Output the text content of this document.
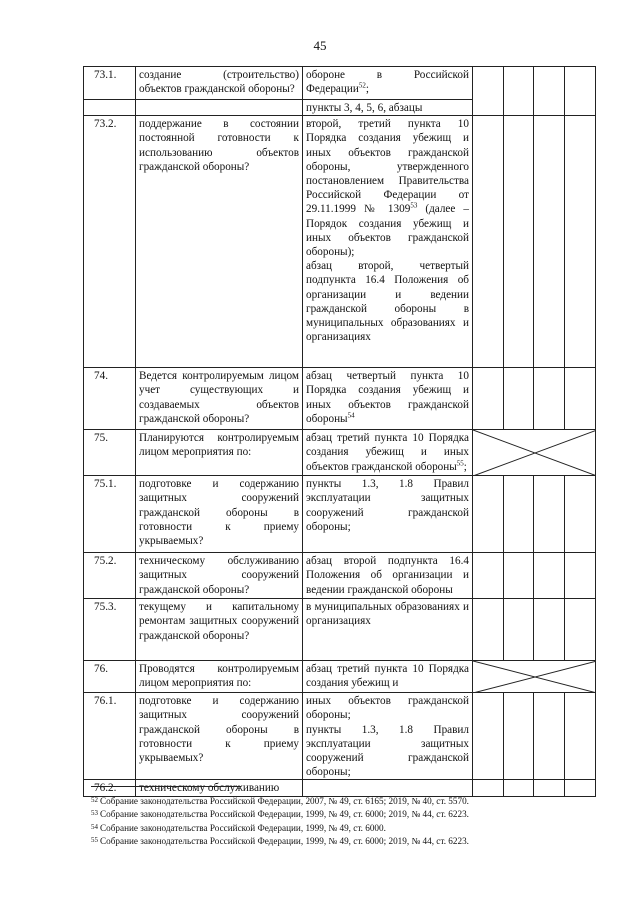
45
73.1.	создание (строительство) объектов гражданской обороны?	обороне в Российской Федерации$^{52}$;				
		пункты 3, 4, 5, 6, абзацы				
73.2.	поддержание в состоянии постоянной готовности к использованию объектов гражданской обороны?	второй, третий пункта 10 Порядка создания убежищ и иных объектов гражданской обороны, утвержденного постановлением Правительства Российской Федерации от 29.11.1999 № 1309$^{53}$ (далее – Порядок создания убежищ и иных объектов гражданской обороны);
абзац второй, четвертый подпункта 16.4 Положения об организации и ведении гражданской обороны в муниципальных образованиях и организациях				
74.	Ведется контролируемым лицом учет существующих и создаваемых объектов гражданской обороны?	абзац четвертый пункта 10 Порядка создания убежищ и иных объектов гражданской обороны$^{54}$				
75.	Планируются контролируемым лицом мероприятия по:	абзац третий пункта 10 Порядка создания убежищ и иных объектов гражданской обороны$^{55}$;	

75.1.	подготовке и содержанию защитных сооружений гражданской обороны в готовности к приему укрываемых?	пункты 1.3, 1.8 Правил эксплуатации защитных сооружений гражданской обороны;				
75.2.	техническому обслуживанию защитных сооружений гражданской обороны?	абзац второй подпункта 16.4 Положения об организации и ведении гражданской обороны				
75.3.	текущему и капитальному ремонтам защитных сооружений гражданской обороны?	в муниципальных образованиях и организациях				
76.	Проводятся контролируемым лицом мероприятия по:	абзац третий пункта 10 Порядка создания убежищ и	

76.1.	подготовке и содержанию защитных сооружений гражданской обороны в готовности к приему укрываемых?	иных объектов гражданской обороны;
пункты 1.3, 1.8 Правил эксплуатации защитных сооружений гражданской обороны;				
76.2.	техническому обслуживанию					
$^{52}$ Собрание законодательства Российской Федерации, 2007, № 49, ст. 6165; 2019, № 40, ст. 5570.
$^{53}$ Собрание законодательства Российской Федерации, 1999, № 49, ст. 6000; 2019, № 44, ст. 6223.
$^{54}$ Собрание законодательства Российской Федерации, 1999, № 49, ст. 6000.
$^{55}$ Собрание законодательства Российской Федерации, 1999, № 49, ст. 6000; 2019, № 44, ст. 6223.
